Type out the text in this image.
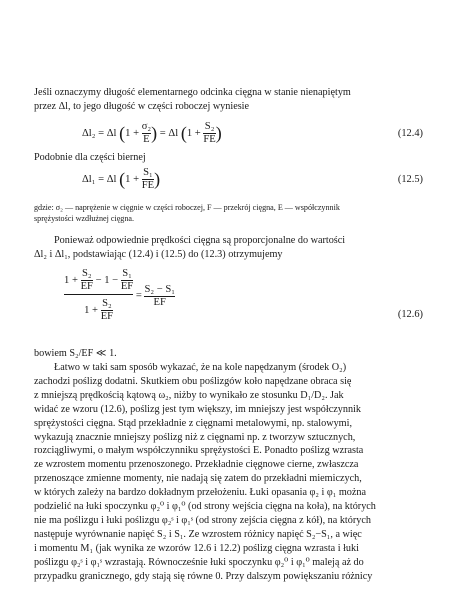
Jeśli oznaczymy długość elementarnego odcinka cięgna w stanie nienapiętym
przez Δl, to jego długość w części roboczej wyniesie
Δl₂ = Δl ($1 + \frac{\text{σ₂}}{E}$ ) = Δl ($1 + \frac{\text{S₂}}{FE}$ )	(12.4)
Podobnie dla części biernej
Δl₁ = Δl ($1 + \frac{\text{S₁}}{FE}$ )	(12.5)
gdzie: σ₂ — naprężenie w cięgnie w części roboczej, F — przekrój cięgna, E — współczynnik
sprężystości wzdłużnej cięgna.
Ponieważ odpowiednie prędkości cięgna są proporcjonalne do wartości
Δl₂ i Δl₁, podstawiając (12.4) i (12.5) do (12.3) otrzymujemy
$1 + \frac{\text{S₂}}{EF} - 1 - \frac{\text{S₁}}{EF}$
$1 + \frac{\text{S₂}}{EF}$
= $\frac{\text{S₂ − S₁}}{EF}$
(12.6)
bowiem S₂/EF ≪ 1.
Łatwo w taki sam sposób wykazać, że na kole napędzanym (środek O₂)
zachodzi poślizg dodatni. Skutkiem obu poślizgów koło napędzane obraca się
z mniejszą prędkością kątową ω₂, niżby to wynikało ze stosunku D₁/D₂. Jak
widać ze wzoru (12.6), poślizg jest tym większy, im mniejszy jest współczynnik
sprężystości cięgna. Stąd przekładnie z cięgnami metalowymi, np. stalowymi,
wykazują znacznie mniejszy poślizg niż z cięgnami np. z tworzyw sztucznych,
rozciągliwymi, o małym współczynniku sprężystości E. Ponadto poślizg wzrasta
ze wzrostem momentu przenoszonego. Przekładnie cięgnowe cierne, zwłaszcza
przenoszące zmienne momenty, nie nadają się zatem do przekładni miemiczych,
w których zależy na bardzo dokładnym przełożeniu. Łuki opasania φ₂ i φ₁ można
podzielić na łuki spoczynku φ₂⁰ i φ₁⁰ (od strony wejścia cięgna na koła), na których
nie ma poślizgu i łuki poślizgu φ₂ˢ i φ₁ˢ (od strony zejścia cięgna z kół), na których
następuje wyrównanie napięć S₂ i S₁. Ze wzrostem różnicy napięć S₂−S₁, a więc
i momentu M₁ (jak wynika ze wzorów 12.6 i 12.2) poślizg cięgna wzrasta i łuki
poślizgu φ₂ˢ i φ₁ˢ wzrastają. Równocześnie łuki spoczynku φ₂⁰ i φ₁⁰ maleją aż do
przypadku granicznego, gdy stają się równe 0. Przy dalszym powiększaniu różnicy
